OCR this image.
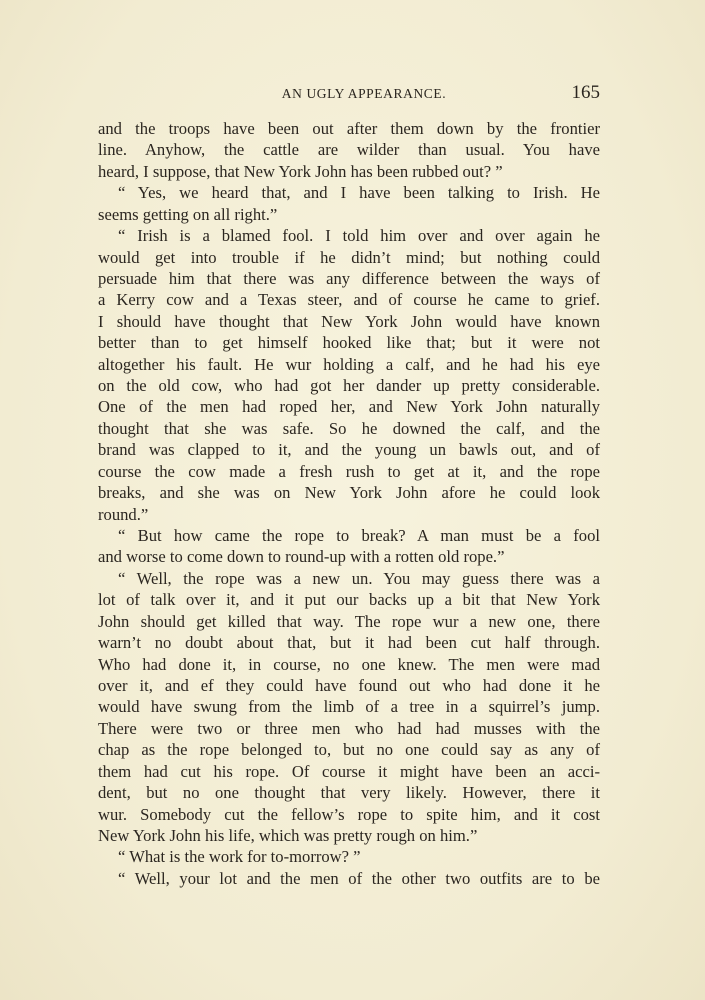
AN UGLY APPEARANCE.	165
and the troops have been out after them down by the frontier
line. Anyhow, the cattle are wilder than usual. You have
heard, I suppose, that New York John has been rubbed out? ”
“ Yes, we heard that, and I have been talking to Irish. He
seems getting on all right.”
“ Irish is a blamed fool. I told him over and over again he
would get into trouble if he didn’t mind; but nothing could
persuade him that there was any difference between the ways of
a Kerry cow and a Texas steer, and of course he came to grief.
I should have thought that New York John would have known
better than to get himself hooked like that; but it were not
altogether his fault. He wur holding a calf, and he had his eye
on the old cow, who had got her dander up pretty considerable.
One of the men had roped her, and New York John naturally
thought that she was safe. So he downed the calf, and the
brand was clapped to it, and the young un bawls out, and of
course the cow made a fresh rush to get at it, and the rope
breaks, and she was on New York John afore he could look
round.”
“ But how came the rope to break? A man must be a fool
and worse to come down to round-up with a rotten old rope.”
“ Well, the rope was a new un. You may guess there was a
lot of talk over it, and it put our backs up a bit that New York
John should get killed that way. The rope wur a new one, there
warn’t no doubt about that, but it had been cut half through.
Who had done it, in course, no one knew. The men were mad
over it, and ef they could have found out who had done it he
would have swung from the limb of a tree in a squirrel’s jump.
There were two or three men who had had musses with the
chap as the rope belonged to, but no one could say as any of
them had cut his rope. Of course it might have been an acci-
dent, but no one thought that very likely. However, there it
wur. Somebody cut the fellow’s rope to spite him, and it cost
New York John his life, which was pretty rough on him.”
“ What is the work for to-morrow? ”
“ Well, your lot and the men of the other two outfits are to be
